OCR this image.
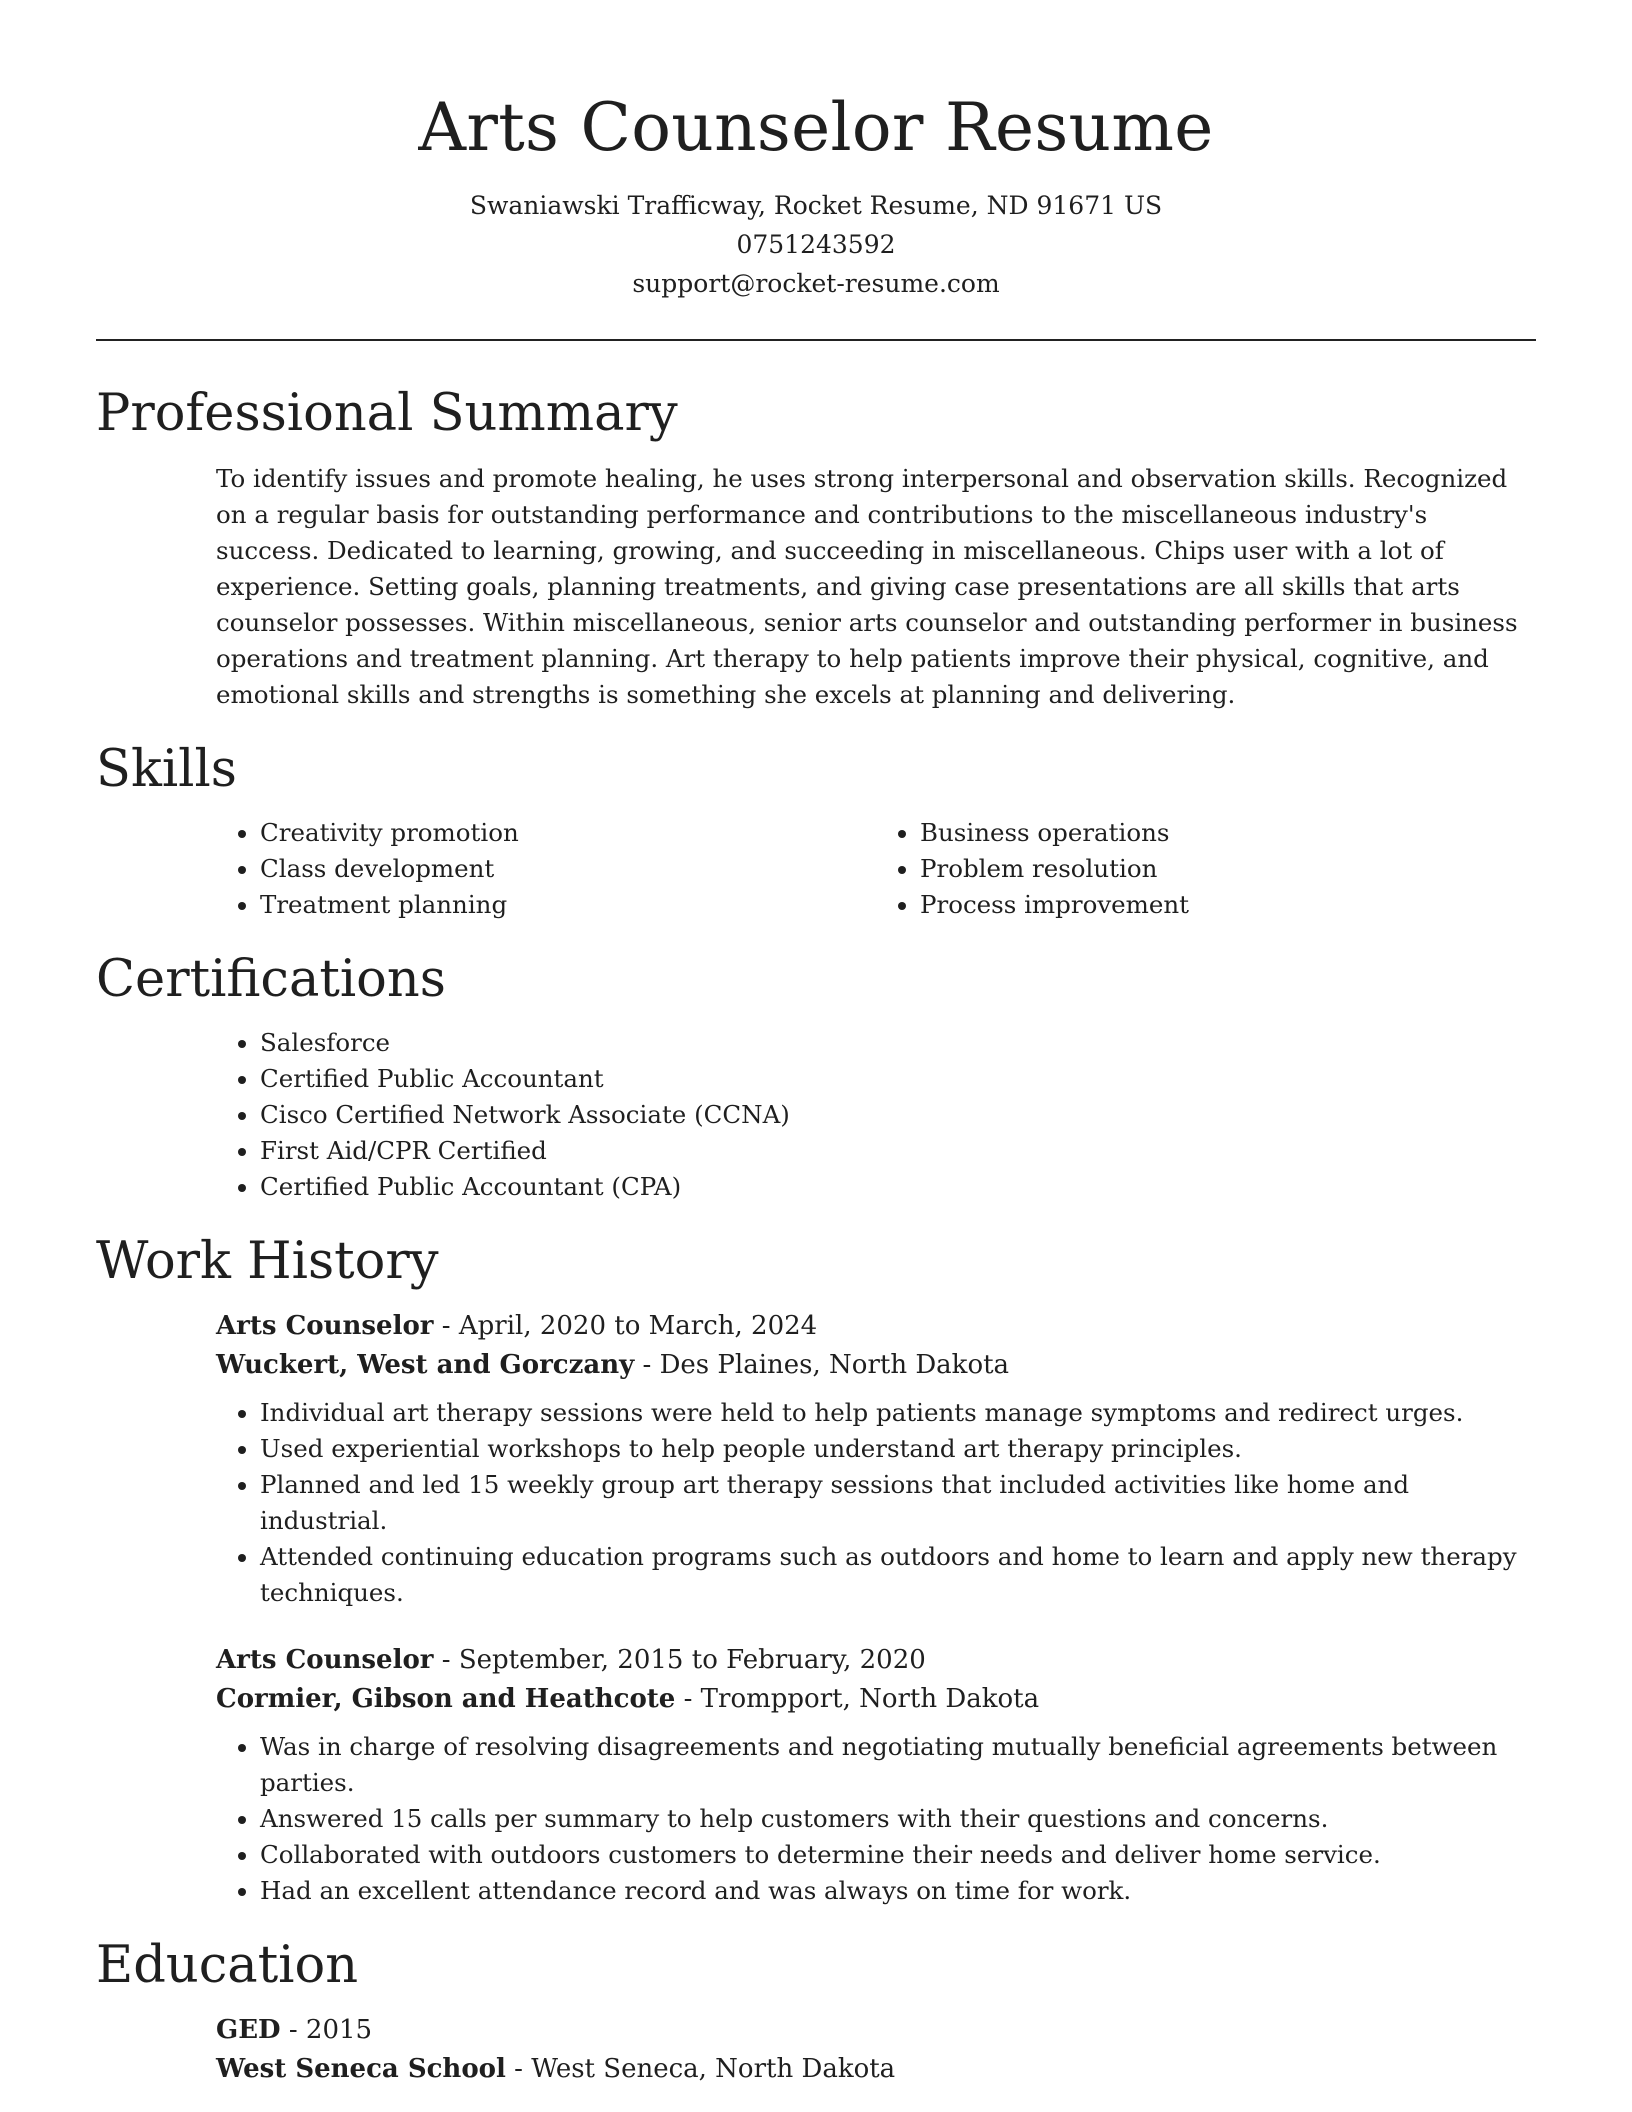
Arts Counselor Resume
Swaniawski Trafficway, Rocket Resume, ND 91671 US
0751243592
support@rocket-resume.com
Professional Summary

To identify issues and promote healing, he uses strong interpersonal and observation skills. Recognized on a regular basis for outstanding performance and contributions to the miscellaneous industry's success. Dedicated to learning, growing, and succeeding in miscellaneous. Chips user with a lot of experience. Setting goals, planning treatments, and giving case presentations are all skills that arts counselor possesses. Within miscellaneous, senior arts counselor and outstanding performer in business operations and treatment planning. Art therapy to help patients improve their physical, cognitive, and emotional skills and strengths is something she excels at planning and delivering.

Skills
• Creativity promotion
• Class development
• Treatment planning
• Business operations
• Problem resolution
• Process improvement
Certifications
• Salesforce
• Certified Public Accountant
• Cisco Certified Network Associate (CCNA)
• First Aid/CPR Certified
• Certified Public Accountant (CPA)
Work History
Arts Counselor - April, 2020 to March, 2024
Wuckert, West and Gorczany - Des Plaines, North Dakota
• Individual art therapy sessions were held to help patients manage symptoms and redirect urges.
• Used experiential workshops to help people understand art therapy principles.
• Planned and led 15 weekly group art therapy sessions that included activities like home and industrial.
• Attended continuing education programs such as outdoors and home to learn and apply new therapy techniques.
Arts Counselor - September, 2015 to February, 2020
Cormier, Gibson and Heathcote - Trompport, North Dakota
• Was in charge of resolving disagreements and negotiating mutually beneficial agreements between parties.
• Answered 15 calls per summary to help customers with their questions and concerns.
• Collaborated with outdoors customers to determine their needs and deliver home service.
• Had an excellent attendance record and was always on time for work.
Education
GED - 2015
West Seneca School - West Seneca, North Dakota
